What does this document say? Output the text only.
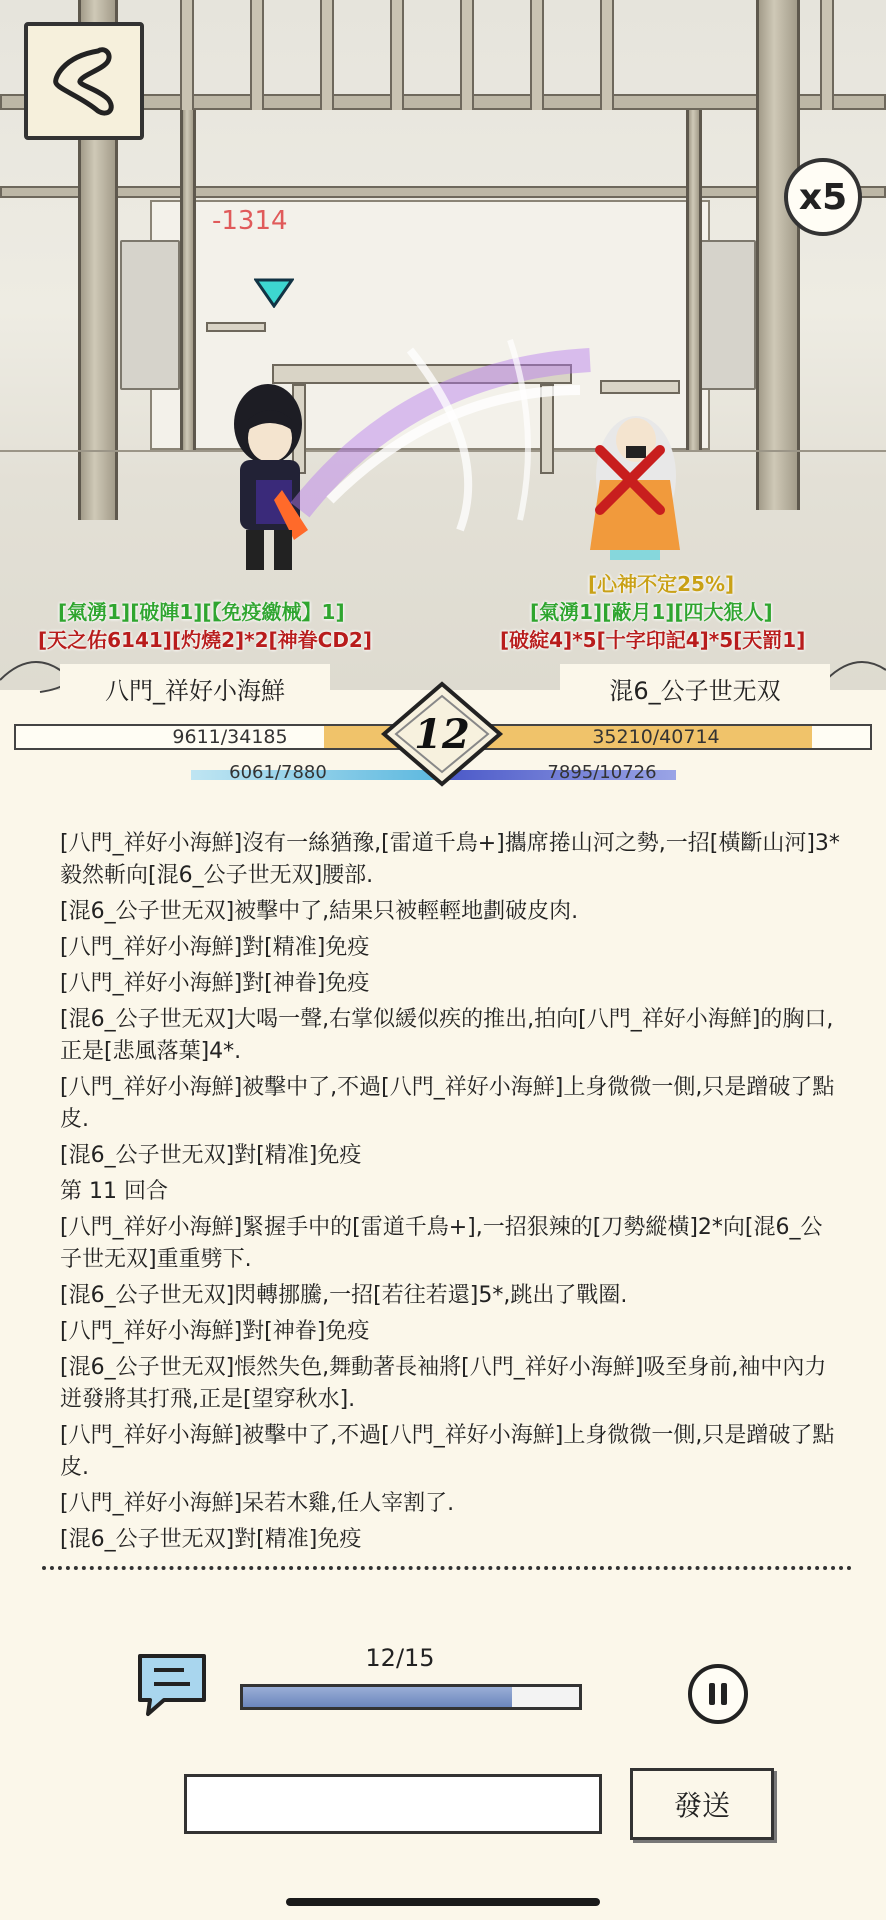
x5
-1314
[心神不定25%]
[氣湧1][破陣1][【免疫繳械】1]
[天之佑6141][灼燒2]*2[神眷CD2]
[氣湧1][蔽月1][四大狠人]
[破綻4]*5[十字印記4]*5[天罰1]
八門_祥好小海鮮	混6_公子世无双
9611/34185	35210/40714
6061/7880	7895/10726
12
[八門_祥好小海鮮]沒有一絲猶豫,[雷道千鳥+]攜席捲山河之勢,一招[橫斷山河]3*毅然斬向[混6_公子世无双]腰部.
[混6_公子世无双]被擊中了,結果只被輕輕地劃破皮肉.
[八門_祥好小海鮮]對[精准]免疫
[八門_祥好小海鮮]對[神眷]免疫
[混6_公子世无双]大喝一聲,右掌似緩似疾的推出,拍向[八門_祥好小海鮮]的胸口,正是[悲風落葉]4*.
[八門_祥好小海鮮]被擊中了,不過[八門_祥好小海鮮]上身微微一側,只是蹭破了點皮.
[混6_公子世无双]對[精准]免疫
第 11 回合
[八門_祥好小海鮮]緊握手中的[雷道千鳥+],一招狠辣的[刀勢縱橫]2*向[混6_公子世无双]重重劈下.
[混6_公子世无双]閃轉挪騰,一招[若往若還]5*,跳出了戰圈.
[八門_祥好小海鮮]對[神眷]免疫
[混6_公子世无双]悵然失色,舞動著長袖將[八門_祥好小海鮮]吸至身前,袖中內力迸發將其打飛,正是[望穿秋水].
[八門_祥好小海鮮]被擊中了,不過[八門_祥好小海鮮]上身微微一側,只是蹭破了點皮.
[八門_祥好小海鮮]呆若木雞,任人宰割了.
[混6_公子世无双]對[精准]免疫
12/15
發送
